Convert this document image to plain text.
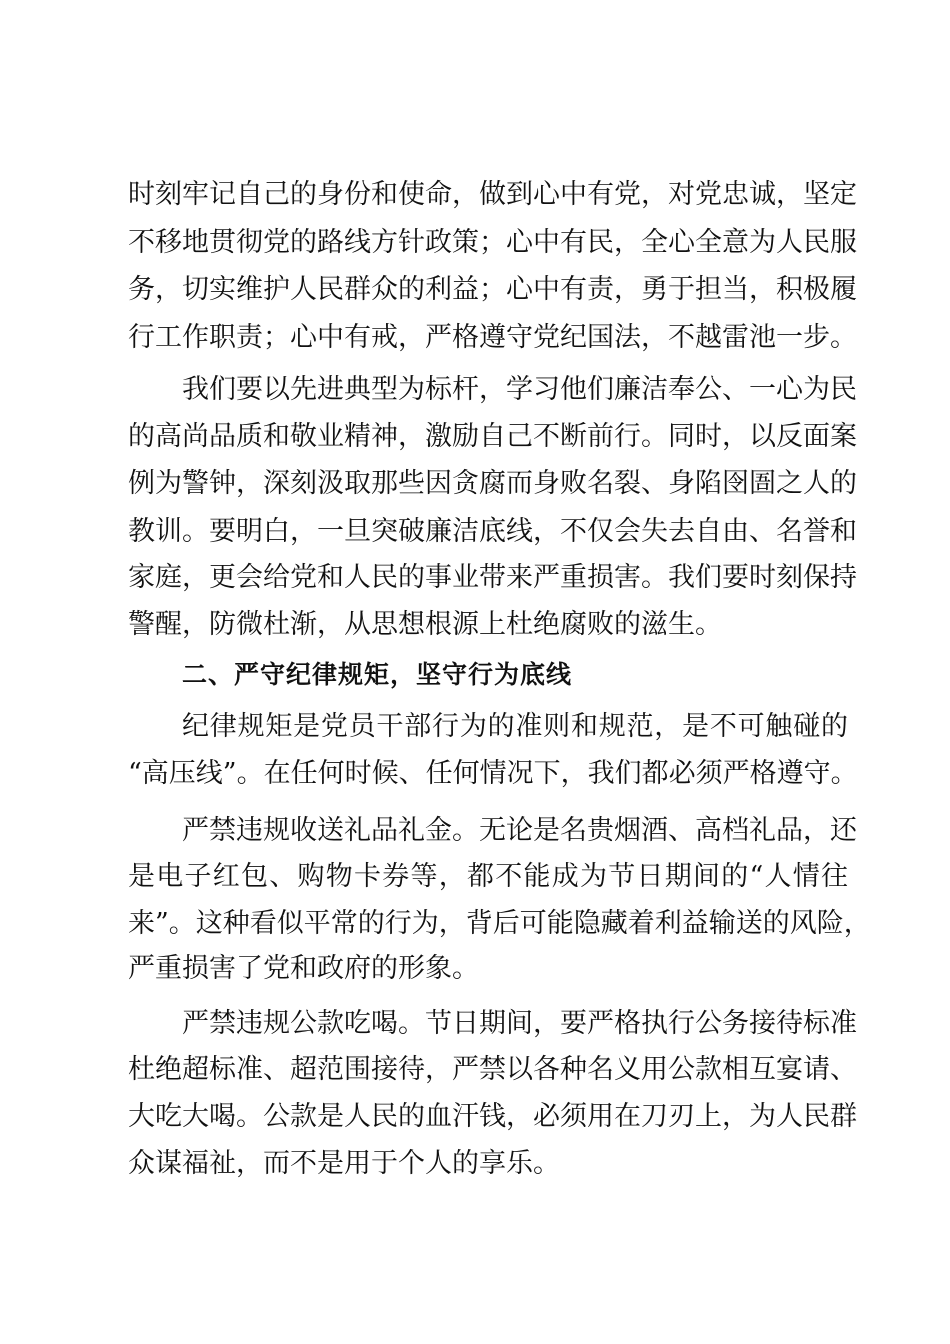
时刻牢记自己的身份和使命，做到心中有党，对党忠诚，坚定
不移地贯彻党的路线方针政策；心中有民，全心全意为人民服
务，切实维护人民群众的利益；心中有责，勇于担当，积极履
行工作职责；心中有戒，严格遵守党纪国法，不越雷池一步。
我们要以先进典型为标杆，学习他们廉洁奉公、一心为民
的高尚品质和敬业精神，激励自己不断前行。同时，以反面案
例为警钟，深刻汲取那些因贪腐而身败名裂、身陷囹圄之人的
教训。要明白，一旦突破廉洁底线，不仅会失去自由、名誉和
家庭，更会给党和人民的事业带来严重损害。我们要时刻保持
警醒，防微杜渐，从思想根源上杜绝腐败的滋生。
二、严守纪律规矩，坚守行为底线
纪律规矩是党员干部行为的准则和规范，是不可触碰的
“高压线”。在任何时候、任何情况下，我们都必须严格遵守。
严禁违规收送礼品礼金。无论是名贵烟酒、高档礼品，还
是电子红包、购物卡券等，都不能成为节日期间的“人情往
来”。这种看似平常的行为，背后可能隐藏着利益输送的风险，
严重损害了党和政府的形象。
严禁违规公款吃喝。节日期间，要严格执行公务接待标准
杜绝超标准、超范围接待，严禁以各种名义用公款相互宴请、
大吃大喝。公款是人民的血汗钱，必须用在刀刃上，为人民群
众谋福祉，而不是用于个人的享乐。
